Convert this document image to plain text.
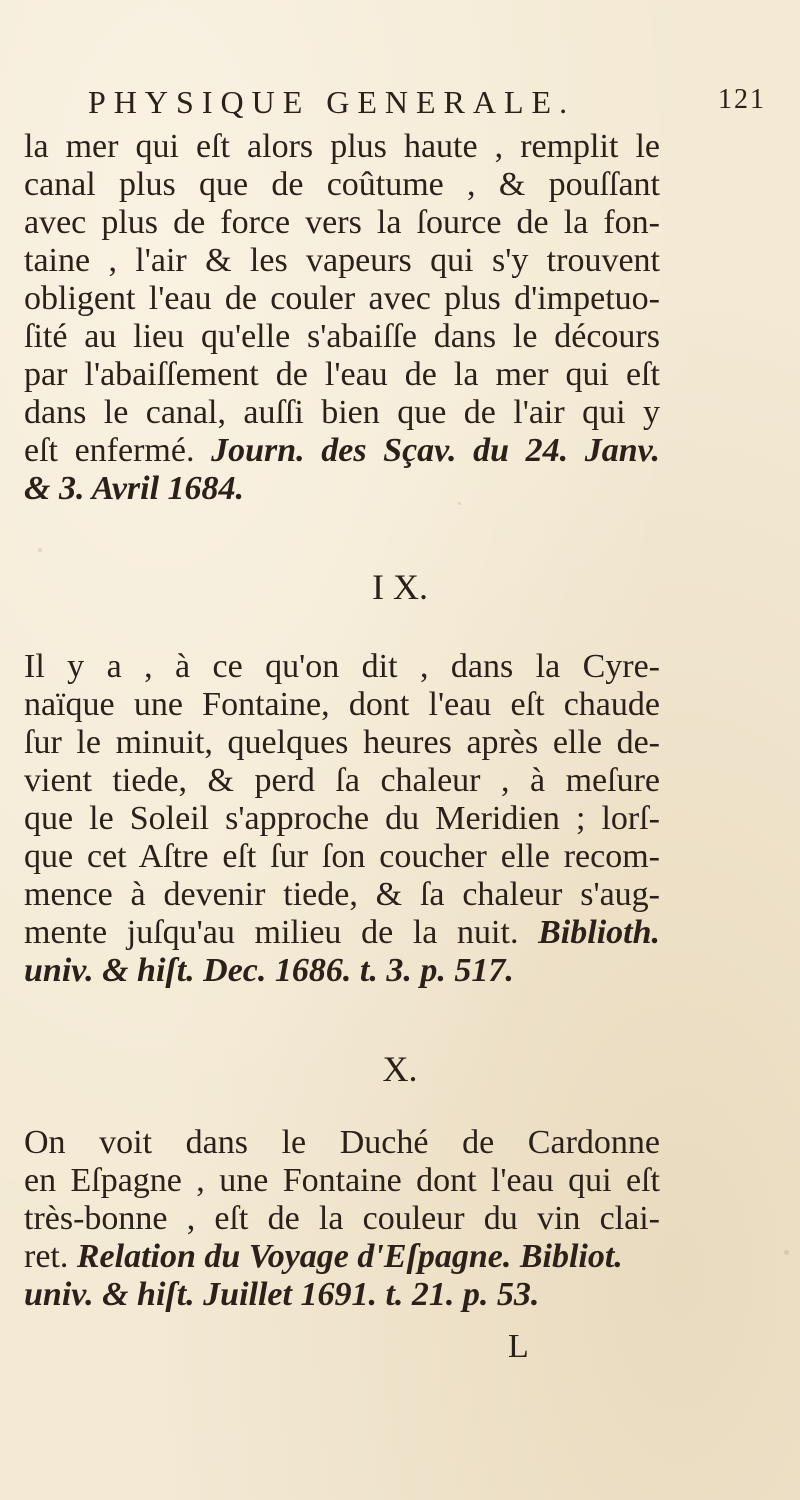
PHYSIQUE GENERALE.	121
la mer qui eſt alors plus haute , remplit le
canal plus que de coûtume , & pouſſant
avec plus de force vers la ſource de la fon-
taine , l'air & les vapeurs qui s'y trouvent
obligent l'eau de couler avec plus d'impetuo-
ſité au lieu qu'elle s'abaiſſe dans le décours
par l'abaiſſement de l'eau de la mer qui eſt
dans le canal, auſſi bien que de l'air qui y
eſt enfermé. Journ. des Sçav. du 24. Janv.
& 3. Avril 1684.
I X.
Il y a , à ce qu'on dit , dans la Cyre-
naïque une Fontaine, dont l'eau eſt chaude
ſur le minuit, quelques heures après elle de-
vient tiede, & perd ſa chaleur , à meſure
que le Soleil s'approche du Meridien ; lorſ-
que cet Aſtre eſt ſur ſon coucher elle recom-
mence à devenir tiede, & ſa chaleur s'aug-
mente juſqu'au milieu de la nuit. Biblioth.
univ. & hiſt. Dec. 1686. t. 3. p. 517.
X.
On voit dans le Duché de Cardonne
en Eſpagne , une Fontaine dont l'eau qui eſt
très-bonne , eſt de la couleur du vin clai-
ret. Relation du Voyage d'Eſpagne. Bibliot.
univ. & hiſt. Juillet 1691. t. 21. p. 53.
L
